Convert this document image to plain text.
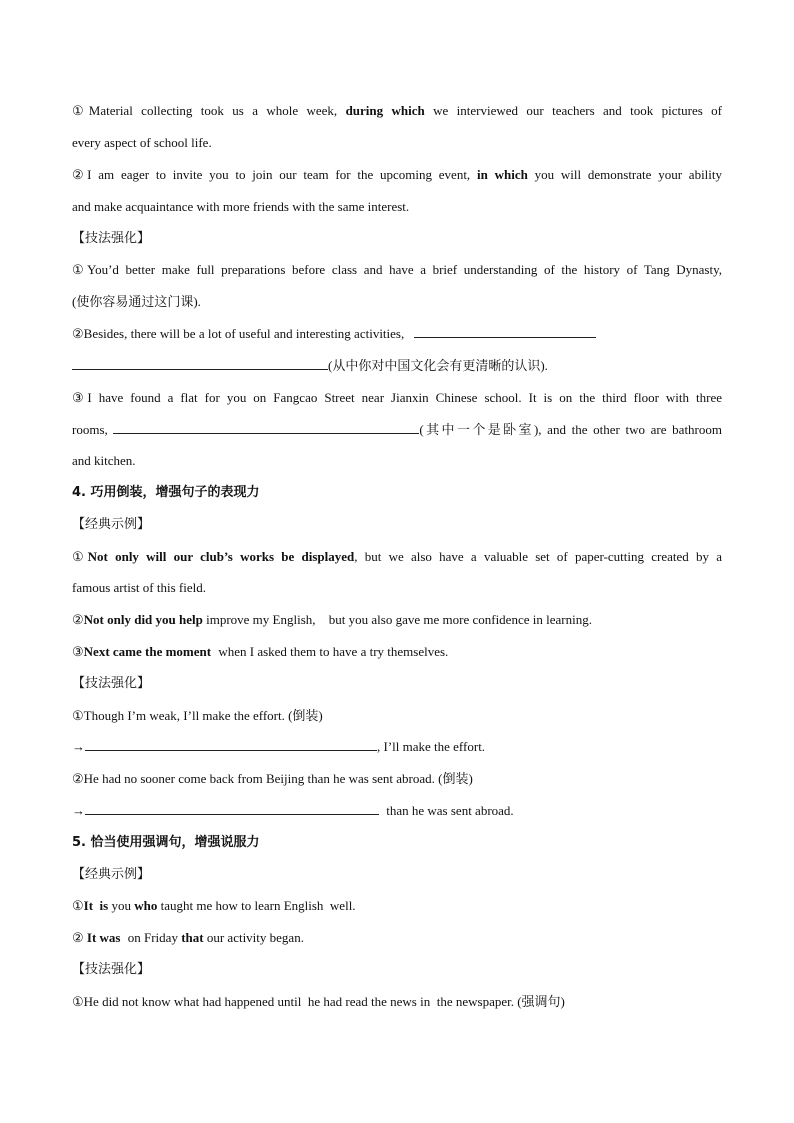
①Material collecting took us a whole week, during which we interviewed our teachers and took pictures of
every aspect of school life.
②I am eager to invite you to join our team for the upcoming event, in which you will demonstrate your ability
and make acquaintance with more friends with the same interest.
【技法强化】
①You’d better make full preparations before class and have a brief understanding of the history of Tang Dynasty,
(使你容易通过这门课).
②Besides, there will be a lot of useful and interesting activities,
(从中你对中国文化会有更清晰的认识).
③I have found a flat for you on Fangcao Street near Jianxin Chinese school. It is on the third floor with three
rooms,	(其中一个是卧室), and the other two are bathroom
and kitchen.
4. 巧用倒装，增强句子的表现力
【经典示例】
①Not only will our club’s works be displayed, but we also have a valuable set of paper-cutting created by a
famous artist of this field.
②Not only did you help improve my English, but you also gave me more confidence in learning.
③Next came the moment when I asked them to have a try themselves.
【技法强化】
①Though I’m weak, I’ll make the effort. (倒装)
→	, I’ll make the effort.
②He had no sooner come back from Beijing than he was sent abroad. (倒装)
→	than he was sent abroad.
5. 恰当使用强调句，增强说服力
【经典示例】
①It  is you who taught me how to learn English  well.
② It was on Friday that our activity began.
【技法强化】
①He did not know what had happened until  he had read the news in  the newspaper. (强调句)
